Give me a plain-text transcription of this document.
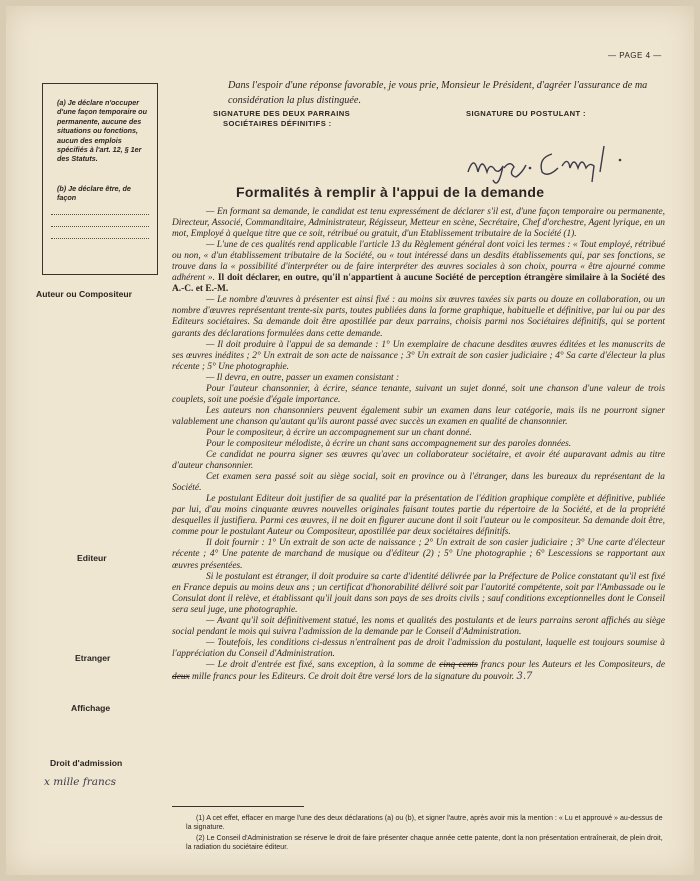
— PAGE 4 —
(a) Je déclare n'occuper d'une façon temporaire ou permanente, aucune des situations ou fonctions, aucun des emplois spécifiés à l'art. 12, § 1er des Statuts.
(b) Je déclare être, de façon
Dans l'espoir d'une réponse favorable, je vous prie, Monsieur le Président, d'agréer l'assurance de ma considération la plus distinguée.
SIGNATURE DES DEUX PARRAINS
SOCIÉTAIRES DÉFINITIFS :
SIGNATURE DU POSTULANT :
Formalités à remplir à l'appui de la demande

— En formant sa demande, le candidat est tenu expressément de déclarer s'il est, d'une façon temporaire ou permanente, Directeur, Associé, Commanditaire, Administrateur, Régisseur, Metteur en scène, Secrétaire, Chef d'orchestre, Agent lyrique, en un mot, Employé à quelque titre que ce soit, rétribué ou gratuit, d'un Etablissement tributaire de la Société (1).

— L'une de ces qualités rend applicable l'article 13 du Règlement général dont voici les termes : « Tout employé, rétribué ou non, « d'un établissement tributaire de la Société, ou « tout intéressé dans un desdits établissements qui, par ses fonctions, se trouve dans la « possibilité d'interpréter ou de faire interpréter des œuvres sociales à son choix, pourra « être ajourné comme adhérent ». Il doit déclarer, en outre, qu'il n'appartient à aucune Société de perception étrangère similaire à la Société des A.-C. et E.-M.

— Le nombre d'œuvres à présenter est ainsi fixé : au moins six œuvres taxées six parts ou douze en collaboration, ou un nombre d'œuvres représentant trente-six parts, toutes publiées dans la forme graphique, habituelle et définitive, par lui ou par des Editeurs sociétaires. Sa demande doit être apostillée par deux parrains, choisis parmi nos Sociétaires définitifs, qui se portent garants des déclarations formulées dans cette demande.

— Il doit produire à l'appui de sa demande : 1° Un exemplaire de chacune desdites œuvres éditées et les manuscrits de ses œuvres inédites ; 2° Un extrait de son acte de naissance ; 3° Un extrait de son casier judiciaire ; 4° Sa carte d'électeur la plus récente ; 5° Une photographie.

— Il devra, en outre, passer un examen consistant :

Pour l'auteur chansonnier, à écrire, séance tenante, suivant un sujet donné, soit une chanson d'une valeur de trois couplets, soit une poésie d'égale importance.

Les auteurs non chansonniers peuvent également subir un examen dans leur catégorie, mais ils ne pourront signer valablement une chanson qu'autant qu'ils auront passé avec succès un examen en qualité de chansonnier.

Pour le compositeur, à écrire un accompagnement sur un chant donné.

Pour le compositeur mélodiste, à écrire un chant sans accompagnement sur des paroles données.

Ce candidat ne pourra signer ses œuvres qu'avec un collaborateur sociétaire, et avoir été auparavant admis au titre d'auteur chansonnier.

Cet examen sera passé soit au siège social, soit en province ou à l'étranger, dans les bureaux du représentant de la Société.

Le postulant Editeur doit justifier de sa qualité par la présentation de l'édition graphique complète et définitive, publiée par lui, d'au moins cinquante œuvres nouvelles originales faisant toutes partie du répertoire de la Société, et de la propriété desquelles il justifiera. Parmi ces œuvres, il ne doit en figurer aucune dont il soit l'auteur ou le compositeur. Sa demande doit être, comme pour le postulant Auteur ou Compositeur, apostillée par deux sociétaires définitifs.

Il doit fournir : 1° Un extrait de son acte de naissance ; 2° Un extrait de son casier judiciaire ; 3° Une carte d'électeur récente ; 4° Une patente de marchand de musique ou d'éditeur (2) ; 5° Une photographie ; 6° Lescessions se rapportant aux œuvres présentées.

Si le postulant est étranger, il doit produire sa carte d'identité délivrée par la Préfecture de Police constatant qu'il est fixé en France depuis au moins deux ans ; un certificat d'honorabilité délivré soit par l'autorité compétente, soit par l'Ambassade ou le Consulat dont il relève, et établissant qu'il jouit dans son pays de ses droits civils ; sauf conditions exceptionnelles dont le Conseil sera seul juge, une photographie.

— Avant qu'il soit définitivement statué, les noms et qualités des postulants et de leurs parrains seront affichés au siège social pendant le mois qui suivra l'admission de la demande par le Conseil d'Administration.

— Toutefois, les conditions ci-dessus n'entraînent pas de droit l'admission du postulant, laquelle est toujours soumise à l'appréciation du Conseil d'Administration.

— Le droit d'entrée est fixé, sans exception, à la somme de cinq cents francs pour les Auteurs et les Compositeurs, de deux mille francs pour les Editeurs. Ce droit doit être versé lors de la signature du pouvoir. 3.7

Auteur ou Compositeur
Editeur
Etranger
Affichage
Droit d'admission
x mille francs

(1) A cet effet, effacer en marge l'une des deux déclarations (a) ou (b), et signer l'autre, après avoir mis la mention : « Lu et approuvé » au-dessus de la signature.

(2) Le Conseil d'Administration se réserve le droit de faire présenter chaque année cette patente, dont la non présentation entraînerait, de plein droit, la radiation du sociétaire éditeur.
